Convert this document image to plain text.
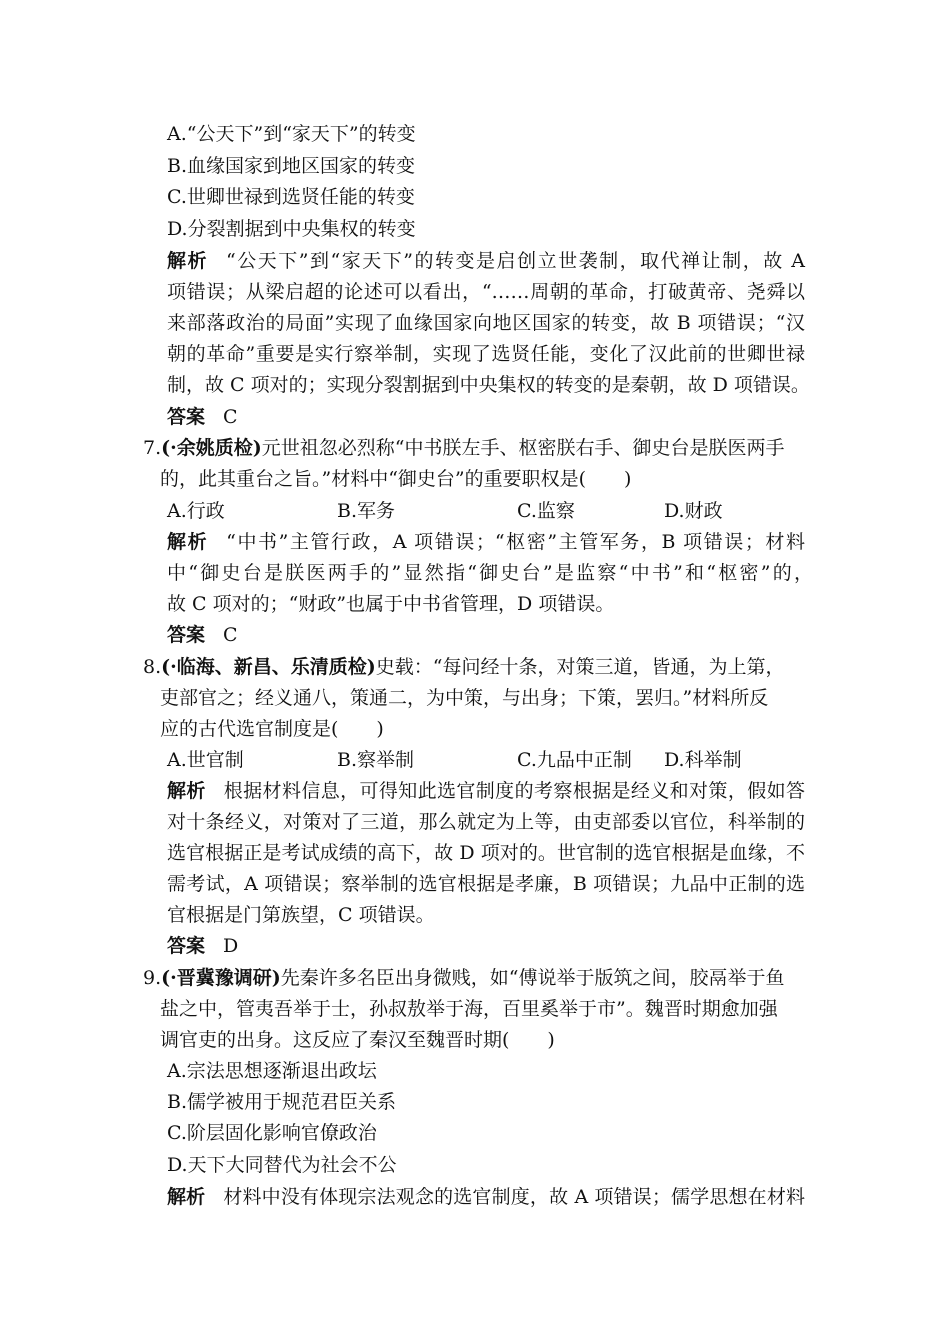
A.“公天下”到“家天下”的转变
B.血缘国家到地区国家的转变
C.世卿世禄到选贤任能的转变
D.分裂割据到中央集权的转变
解析 “公天下”到“家天下”的转变是启创立世袭制，取代禅让制，故 A
项错误；从梁启超的论述可以看出，“……周朝的革命，打破黄帝、尧舜以
来部落政治的局面”实现了血缘国家向地区国家的转变，故 B 项错误；“汉
朝的革命”重要是实行察举制，实现了选贤任能，变化了汉此前的世卿世禄
制，故 C 项对的；实现分裂割据到中央集权的转变的是秦朝，故 D 项错误。
答案 C
7.(·余姚质检)元世祖忽必烈称“中书朕左手、枢密朕右手、御史台是朕医两手
的，此其重台之旨。”材料中“御史台”的重要职权是(　　)
A.行政	B.军务	C.监察	D.财政
解析 “中书”主管行政，A 项错误；“枢密”主管军务，B 项错误；材料
中“御史台是朕医两手的”显然指“御史台”是监察“中书”和“枢密”的，
故 C 项对的；“财政”也属于中书省管理，D 项错误。
答案 C
8.(·临海、新昌、乐清质检)史载：“每问经十条，对策三道，皆通，为上第，
吏部官之；经义通八，策通二，为中策，与出身；下策，罢归。”材料所反
应的古代选官制度是(　　)
A.世官制	B.察举制	C.九品中正制 D.科举制
解析 根据材料信息，可得知此选官制度的考察根据是经义和对策，假如答
对十条经义，对策对了三道，那么就定为上等，由吏部委以官位，科举制的
选官根据正是考试成绩的高下，故 D 项对的。世官制的选官根据是血缘，不
需考试，A 项错误；察举制的选官根据是孝廉，B 项错误；九品中正制的选
官根据是门第族望，C 项错误。
答案 D
9.(·晋冀豫调研)先秦许多名臣出身微贱，如“傅说举于版筑之间，胶鬲举于鱼
盐之中，管夷吾举于士，孙叔敖举于海，百里奚举于市”。魏晋时期愈加强
调官吏的出身。这反应了秦汉至魏晋时期(　　)
A.宗法思想逐渐退出政坛
B.儒学被用于规范君臣关系
C.阶层固化影响官僚政治
D.天下大同替代为社会不公
解析 材料中没有体现宗法观念的选官制度，故 A 项错误；儒学思想在材料
